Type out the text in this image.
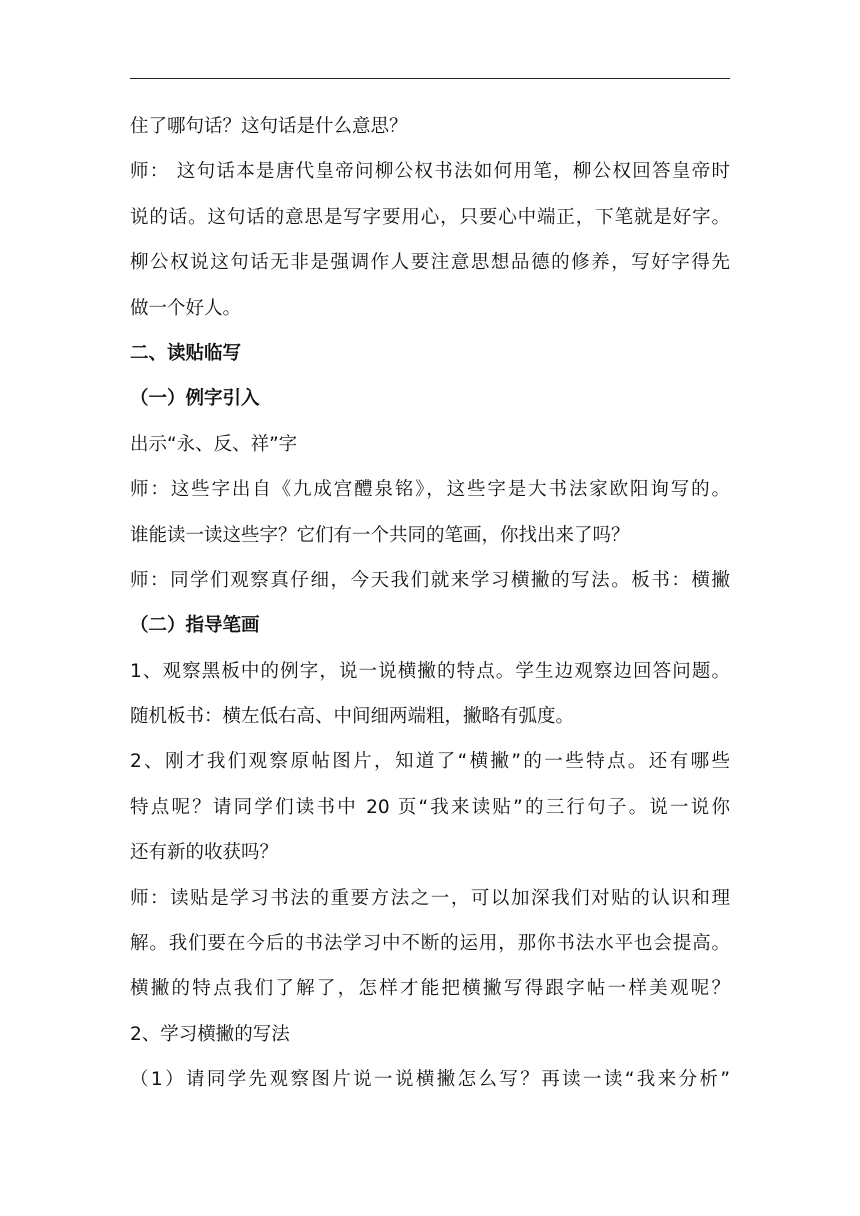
住了哪句话？这句话是什么意思？
师： 这句话本是唐代皇帝问柳公权书法如何用笔，柳公权回答皇帝时
说的话。这句话的意思是写字要用心，只要心中端正，下笔就是好字。
柳公权说这句话无非是强调作人要注意思想品德的修养，写好字得先
做一个好人。
二、读贴临写
（一）例字引入
出示“永、反、祥”字
师：这些字出自《九成宫醴泉铭》，这些字是大书法家欧阳询写的。
谁能读一读这些字？它们有一个共同的笔画，你找出来了吗？
师：同学们观察真仔细，今天我们就来学习横撇的写法。板书：横撇
（二）指导笔画
1、观察黑板中的例字，说一说横撇的特点。学生边观察边回答问题。
随机板书：横左低右高、中间细两端粗，撇略有弧度。
2、刚才我们观察原帖图片，知道了“横撇”的一些特点。还有哪些
特点呢？请同学们读书中 20 页“我来读贴”的三行句子。说一说你
还有新的收获吗？
师：读贴是学习书法的重要方法之一，可以加深我们对贴的认识和理
解。我们要在今后的书法学习中不断的运用，那你书法水平也会提高。
横撇的特点我们了解了，怎样才能把横撇写得跟字帖一样美观呢？
2、学习横撇的写法
（1）请同学先观察图片说一说横撇怎么写？再读一读“我来分析”
